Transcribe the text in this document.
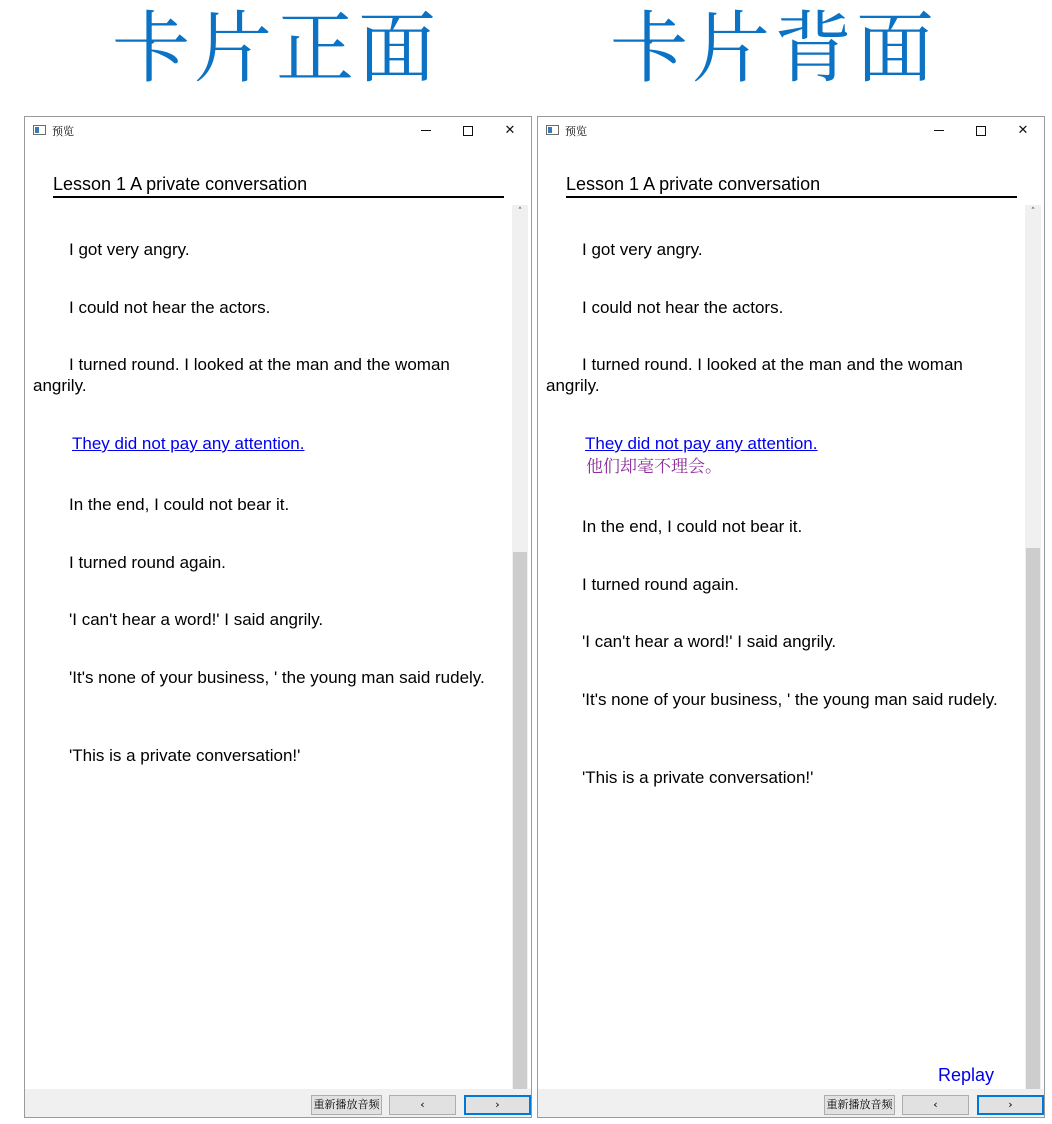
卡片正面 卡片背面
预览	✕
Lesson 1 A private conversation
I got very angry.
I could not hear the actors.
I turned round. I looked at the man and the woman angrily.
They did not pay any attention.
In the end, I could not bear it.
I turned round again.
'I can't hear a word!' I said angrily.
'It's none of your business, ' the young man said rudely.
'This is a private conversation!'
˄
重新播放音频	‹	›
预览	✕
Lesson 1 A private conversation
I got very angry.
I could not hear the actors.
I turned round. I looked at the man and the woman angrily.
They did not pay any attention.
他们却毫不理会。
In the end, I could not bear it.
I turned round again.
'I can't hear a word!' I said angrily.
'It's none of your business, ' the young man said rudely.
'This is a private conversation!'
Replay
˄
重新播放音频	‹	›
